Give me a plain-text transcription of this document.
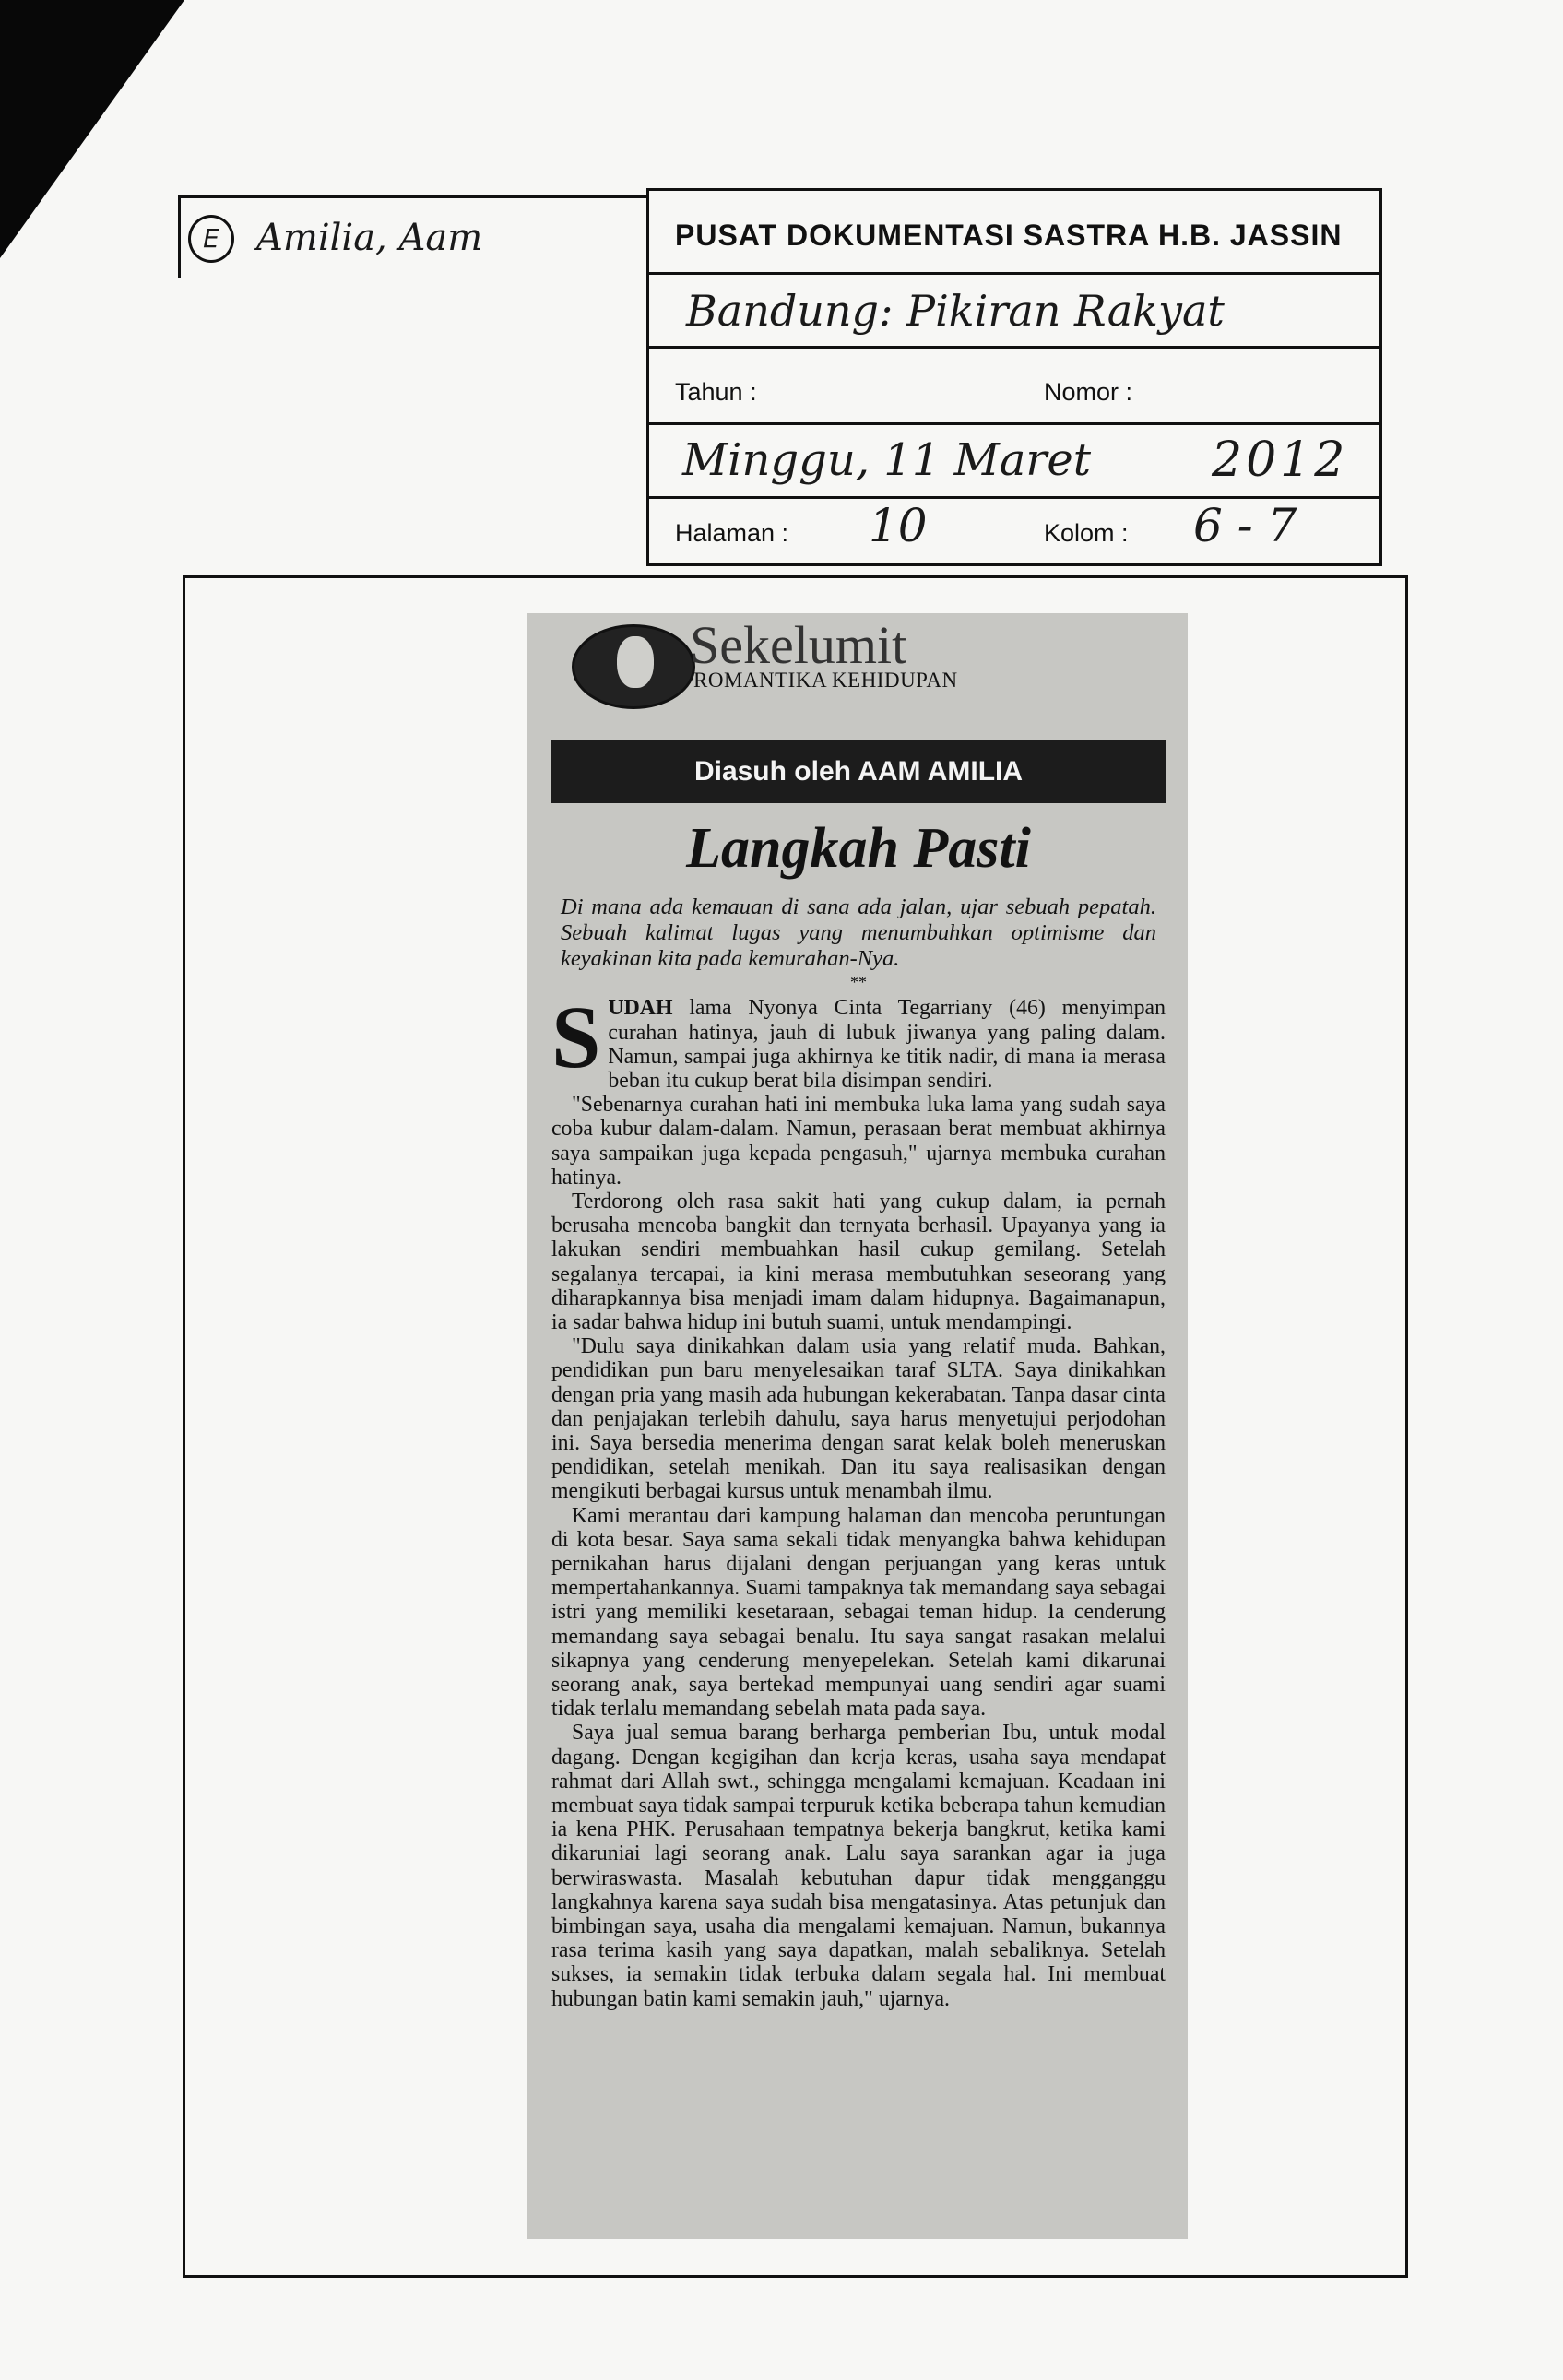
E	Amilia, Aam	PUSAT DOKUMENTASI SASTRA H.B. JASSIN
Bandung: Pikiran Rakyat
Tahun :	Nomor :
Minggu, 11 Maret	2012
Halaman : 10	Kolom : 6 - 7
Sekelumit
ROMANTIKA KEHIDUPAN
Diasuh oleh AAM AMILIA
Langkah Pasti
Di mana ada kemauan di sana ada jalan, ujar sebuah pepatah. Sebuah kalimat lugas yang menumbuhkan optimisme dan keyakinan kita pada kemurahan-Nya.
**

SUDAH lama Nyonya Cinta Tegarriany (46) menyimpan curahan hatinya, jauh di lubuk jiwanya yang paling dalam. Namun, sampai juga akhirnya ke titik nadir, di mana ia merasa beban itu cukup berat bila disimpan sendiri.

"Sebenarnya curahan hati ini membuka luka lama yang sudah saya coba kubur dalam-dalam. Namun, perasaan berat membuat akhirnya saya sampaikan juga kepada pengasuh," ujarnya membuka curahan hatinya.

Terdorong oleh rasa sakit hati yang cukup dalam, ia pernah berusaha mencoba bangkit dan ternyata berhasil. Upayanya yang ia lakukan sendiri membuahkan hasil cukup gemilang. Setelah segalanya tercapai, ia kini merasa membutuhkan seseorang yang diharapkannya bisa menjadi imam dalam hidupnya. Bagaimanapun, ia sadar bahwa hidup ini butuh suami, untuk mendampingi.

"Dulu saya dinikahkan dalam usia yang relatif muda. Bahkan, pendidikan pun baru menyelesaikan taraf SLTA. Saya dinikahkan dengan pria yang masih ada hubungan kekerabatan. Tanpa dasar cinta dan penjajakan terlebih dahulu, saya harus menyetujui perjodohan ini. Saya bersedia menerima dengan sarat kelak boleh meneruskan pendidikan, setelah menikah. Dan itu saya realisasikan dengan mengikuti berbagai kursus untuk menambah ilmu.

Kami merantau dari kampung halaman dan mencoba peruntungan di kota besar. Saya sama sekali tidak menyangka bahwa kehidupan pernikahan harus dijalani dengan perjuangan yang keras untuk mempertahankannya. Suami tampaknya tak memandang saya sebagai istri yang memiliki kesetaraan, sebagai teman hidup. Ia cenderung memandang saya sebagai benalu. Itu saya sangat rasakan melalui sikapnya yang cenderung menyepelekan. Setelah kami dikarunai seorang anak, saya bertekad mempunyai uang sendiri agar suami tidak terlalu memandang sebelah mata pada saya.

Saya jual semua barang berharga pemberian Ibu, untuk modal dagang. Dengan kegigihan dan kerja keras, usaha saya mendapat rahmat dari Allah swt., sehingga mengalami kemajuan. Keadaan ini membuat saya tidak sampai terpuruk ketika beberapa tahun kemudian ia kena PHK. Perusahaan tempatnya bekerja bangkrut, ketika kami dikaruniai lagi seorang anak. Lalu saya sarankan agar ia juga berwiraswasta. Masalah kebutuhan dapur tidak mengganggu langkahnya karena saya sudah bisa mengatasinya. Atas petunjuk dan bimbingan saya, usaha dia mengalami kemajuan. Namun, bukannya rasa terima kasih yang saya dapatkan, malah sebaliknya. Setelah sukses, ia semakin tidak terbuka dalam segala hal. Ini membuat hubungan batin kami semakin jauh," ujarnya.
